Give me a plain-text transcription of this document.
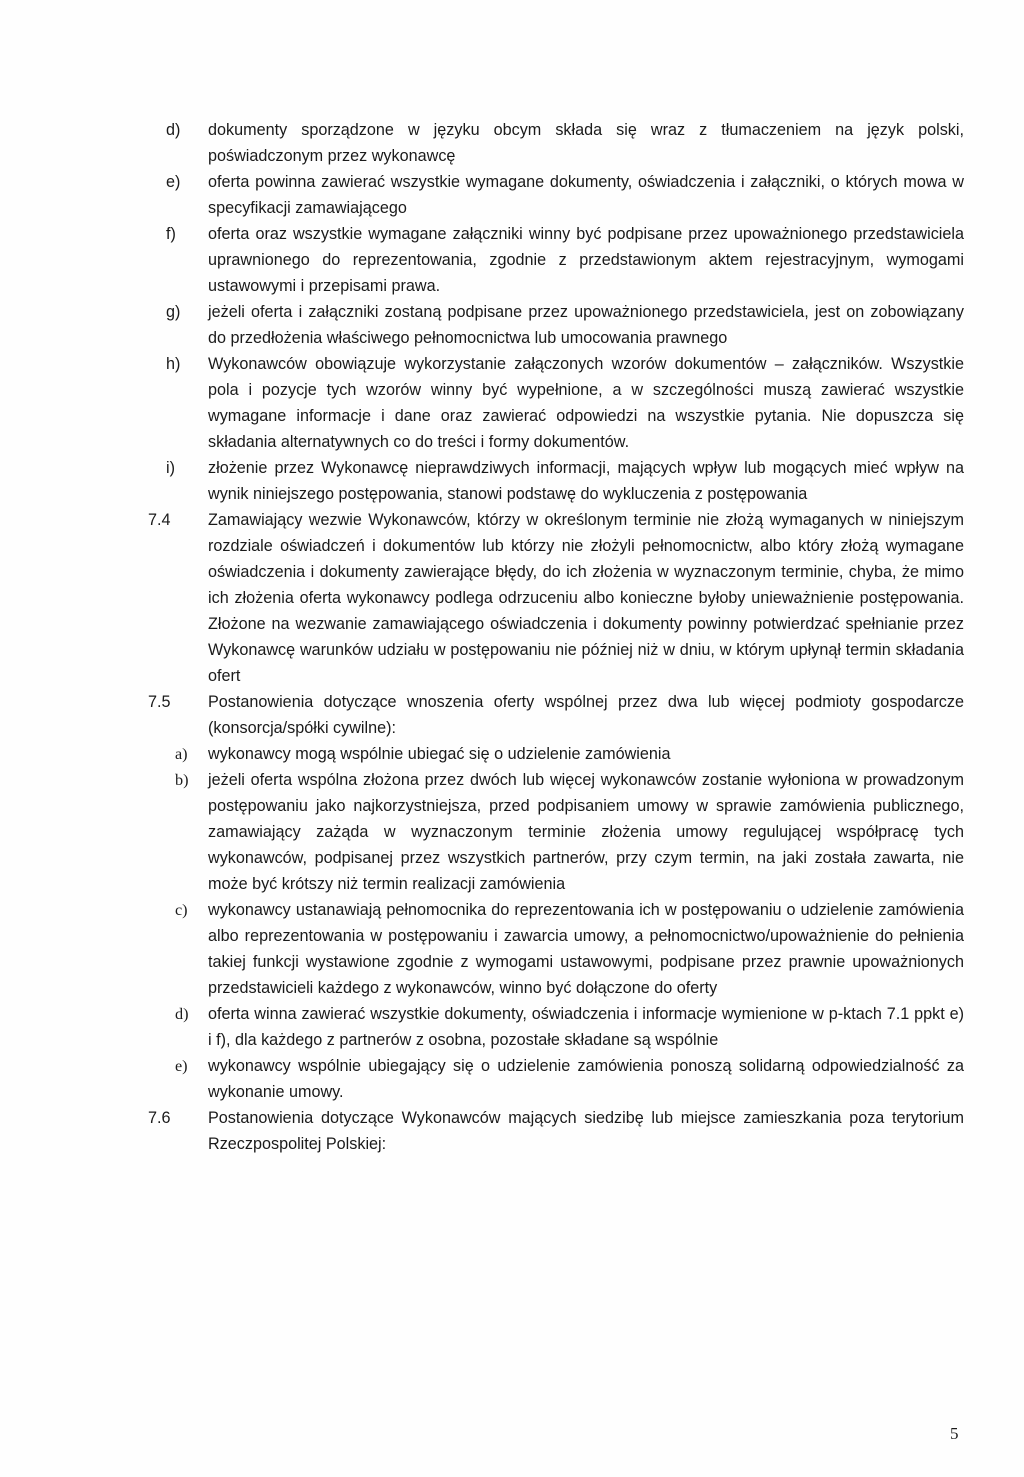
d) dokumenty sporządzone w języku obcym składa się wraz z tłumaczeniem na język polski, poświadczonym przez wykonawcę
e) oferta powinna zawierać wszystkie wymagane dokumenty, oświadczenia i załączniki, o których mowa w specyfikacji zamawiającego
f) oferta oraz wszystkie wymagane załączniki winny być podpisane przez upoważnionego przedstawiciela uprawnionego do reprezentowania, zgodnie z przedstawionym aktem rejestracyjnym, wymogami ustawowymi i przepisami prawa.
g) jeżeli oferta i załączniki zostaną podpisane przez upoważnionego przedstawiciela, jest on zobowiązany do przedłożenia właściwego pełnomocnictwa lub umocowania prawnego
h) Wykonawców obowiązuje wykorzystanie załączonych wzorów dokumentów – załączników. Wszystkie pola i pozycje tych wzorów winny być wypełnione, a w szczególności muszą zawierać wszystkie wymagane informacje i dane oraz zawierać odpowiedzi na wszystkie pytania. Nie dopuszcza się składania alternatywnych co do treści i formy dokumentów.
i) złożenie przez Wykonawcę nieprawdziwych informacji, mających wpływ lub mogących mieć wpływ na wynik niniejszego postępowania, stanowi podstawę do wykluczenia z postępowania
7.4 Zamawiający wezwie Wykonawców, którzy w określonym terminie nie złożą wymaganych w niniejszym rozdziale oświadczeń i dokumentów lub którzy nie złożyli pełnomocnictw, albo który złożą wymagane oświadczenia i dokumenty zawierające błędy, do ich złożenia w wyznaczonym terminie, chyba, że mimo ich złożenia oferta wykonawcy podlega odrzuceniu albo konieczne byłoby unieważnienie postępowania. Złożone na wezwanie zamawiającego oświadczenia i dokumenty powinny potwierdzać spełnianie przez Wykonawcę warunków udziału w postępowaniu nie później niż w dniu, w którym upłynął termin składania ofert
7.5 Postanowienia dotyczące wnoszenia oferty wspólnej przez dwa lub więcej podmioty gospodarcze (konsorcja/spółki cywilne):
a) wykonawcy mogą wspólnie ubiegać się o udzielenie zamówienia
b) jeżeli oferta wspólna złożona przez dwóch lub więcej wykonawców zostanie wyłoniona w prowadzonym postępowaniu jako najkorzystniejsza, przed podpisaniem umowy w sprawie zamówienia publicznego, zamawiający zażąda w wyznaczonym terminie złożenia umowy regulującej współpracę tych wykonawców, podpisanej przez wszystkich partnerów, przy czym termin, na jaki została zawarta, nie może być krótszy niż termin realizacji zamówienia
c) wykonawcy ustanawiają pełnomocnika do reprezentowania ich w postępowaniu o udzielenie zamówienia albo reprezentowania w postępowaniu i zawarcia umowy, a pełnomocnictwo/upoważnienie do pełnienia takiej funkcji wystawione zgodnie z wymogami ustawowymi, podpisane przez prawnie upoważnionych przedstawicieli każdego z wykonawców, winno być dołączone do oferty
d) oferta winna zawierać wszystkie dokumenty, oświadczenia i informacje wymienione w p-ktach 7.1 ppkt e) i f), dla każdego z partnerów z osobna, pozostałe składane są wspólnie
e) wykonawcy wspólnie ubiegający się o udzielenie zamówienia ponoszą solidarną odpowiedzialność za wykonanie umowy.
7.6 Postanowienia dotyczące Wykonawców mających siedzibę lub miejsce zamieszkania poza terytorium Rzeczpospolitej Polskiej:
5
